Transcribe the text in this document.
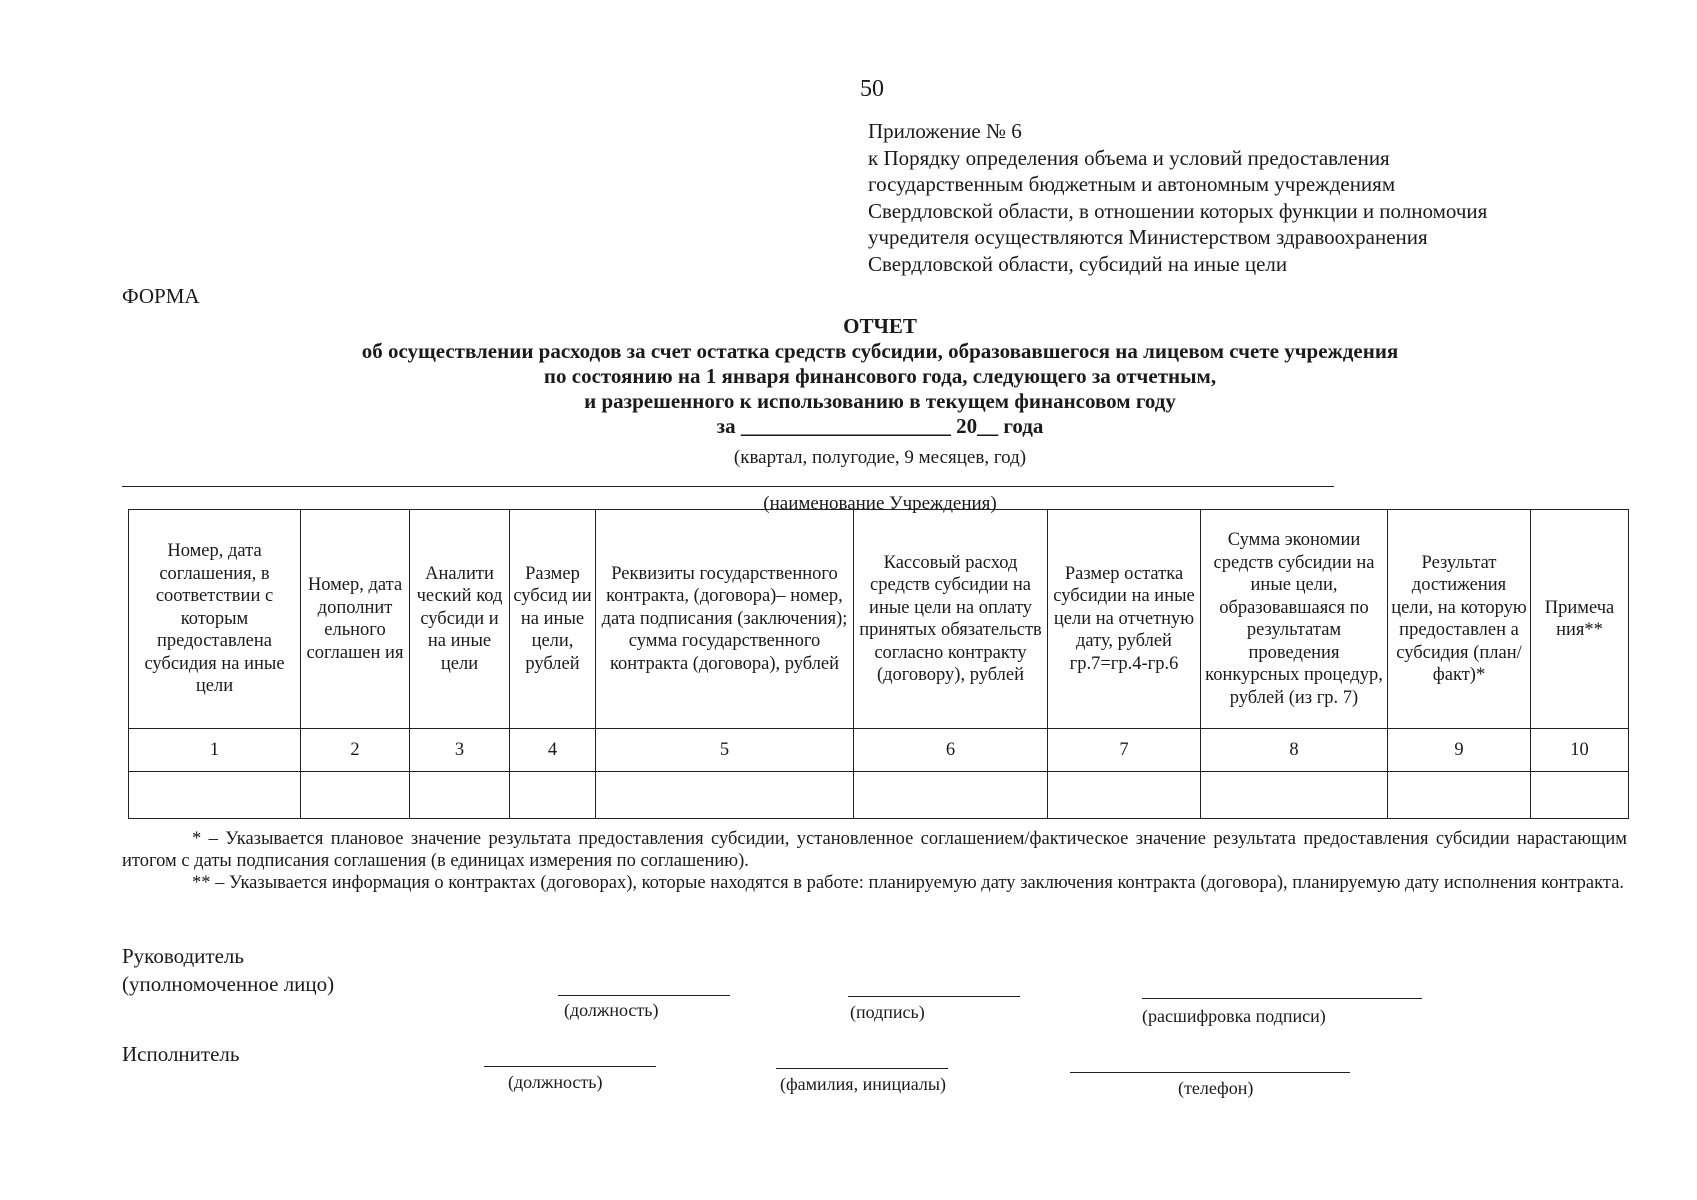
50
Приложение № 6
к Порядку определения объема и условий предоставления
государственным бюджетным и автономным учреждениям
Свердловской области, в отношении которых функции и полномочия
учредителя осуществляются Министерством здравоохранения
Свердловской области, субсидий на иные цели
ФОРМА
ОТЧЕТ
об осуществлении расходов за счет остатка средств субсидии, образовавшегося на лицевом счете учреждения
по состоянию на 1 января финансового года, следующего за отчетным,
и разрешенного к использованию в текущем финансовом году
за ____________________ 20__ года
(квартал, полугодие, 9 месяцев, год)
(наименование Учреждения)
Номер, дата соглашения, в соответствии с которым предоставлена субсидия на иные цели	Номер, дата дополнит ельного соглашен ия	Аналити ческий код субсиди и на иные цели	Размер субсид ии на иные цели, рублей	Реквизиты государственного контракта, (договора)– номер, дата подписания (заключения); сумма государственного контракта (договора), рублей	Кассовый расход средств субсидии на иные цели на оплату принятых обязательств согласно контракту (договору), рублей	Размер остатка субсидии на иные цели на отчетную дату, рублей гр.7=гр.4-гр.6	Сумма экономии средств субсидии на иные цели, образовавшаяся по результатам проведения конкурсных процедур, рублей (из гр. 7)	Результат достижения цели, на которую предоставлен а субсидия (план/факт)*	Примеча ния**
1	2	3	4	5	6	7	8	9	10

* – Указывается плановое значение результата предоставления субсидии, установленное соглашением/фактическое значение результата предоставления субсидии нарастающим итогом с даты подписания соглашения (в единицах измерения по соглашению).

** – Указывается информация о контрактах (договорах), которые находятся в работе: планируемую дату заключения контракта (договора), планируемую дату исполнения контракта.

Руководитель
(уполномоченное лицо)
(должность)	(подпись)	(расшифровка подписи)
Исполнитель
(должность)	(фамилия, инициалы)	(телефон)
